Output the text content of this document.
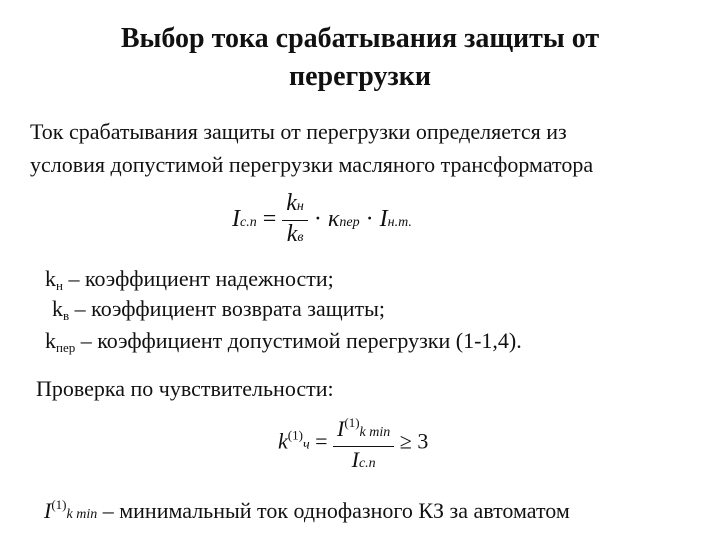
Выбор тока срабатывания защиты от
перегрузки
Ток срабатывания защиты от перегрузки определяется из
условия допустимой перегрузки масляного трансформатора
$Iс.п = \frac{kн}{kв} \cdot \kappa пер \cdot Iн.т$.
$k_н$ – коэффициент надежности;
$k_в$ – коэффициент возврата защиты;
$k_{пер}$ – коэффициент допустимой перегрузки (1-1,4).
Проверка по чувствительности:
$k^{(1)}ч = \frac{I^{(1)}k \min}{Iс.п} \ge 3$
$I^{(1)}k$ min – минимальный ток однофазного КЗ за автоматом
